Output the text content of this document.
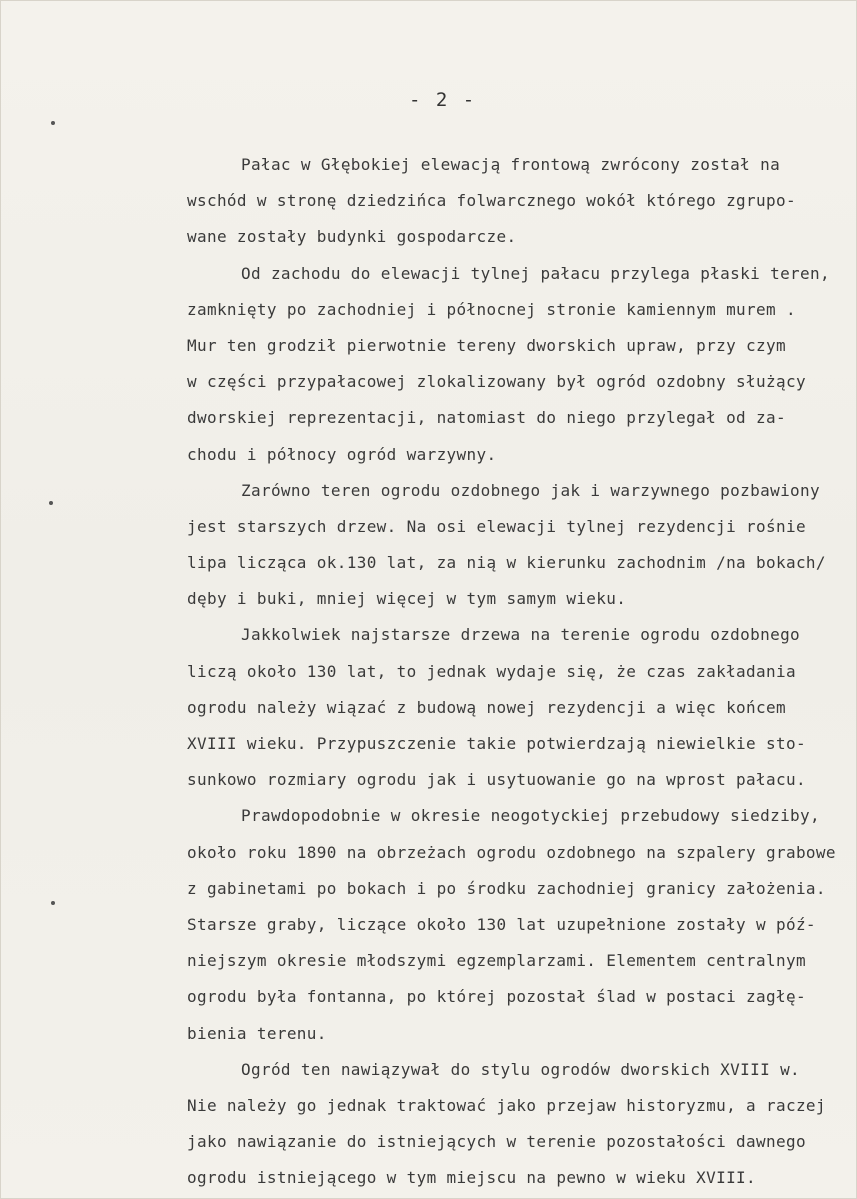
- 2 -
Pałac w Głębokiej elewacją frontową zwrócony został na
wschód w stronę dziedzińca folwarcznego wokół którego zgrupo-
wane zostały budynki gospodarcze.
Od zachodu do elewacji tylnej pałacu przylega płaski teren,
zamknięty po zachodniej i północnej stronie kamiennym murem .
Mur ten grodził pierwotnie tereny dworskich upraw, przy czym
w części przypałacowej zlokalizowany był ogród ozdobny służący
dworskiej reprezentacji, natomiast do niego przylegał od za-
chodu i północy ogród warzywny.
Zarówno teren ogrodu ozdobnego jak i warzywnego pozbawiony
jest starszych drzew. Na osi elewacji tylnej rezydencji rośnie
lipa licząca ok.130 lat, za nią w kierunku zachodnim /na bokach/
dęby i buki, mniej więcej w tym samym wieku.
Jakkolwiek najstarsze drzewa na terenie ogrodu ozdobnego
liczą około 130 lat, to jednak wydaje się, że czas zakładania
ogrodu należy wiązać z budową nowej rezydencji a więc końcem
XVIII wieku. Przypuszczenie takie potwierdzają niewielkie sto-
sunkowo rozmiary ogrodu jak i usytuowanie go na wprost pałacu.
Prawdopodobnie w okresie neogotyckiej przebudowy siedziby,
około roku 1890 na obrzeżach ogrodu ozdobnego na szpalery grabowe
z gabinetami po bokach i po środku zachodniej granicy założenia.
Starsze graby, liczące około 130 lat uzupełnione zostały w póź-
niejszym okresie młodszymi egzemplarzami. Elementem centralnym
ogrodu była fontanna, po której pozostał ślad w postaci zagłę-
bienia terenu.
Ogród ten nawiązywał do stylu ogrodów dworskich XVIII w.
Nie należy go jednak traktować jako przejaw historyzmu, a raczej
jako nawiązanie do istniejących w terenie pozostałości dawnego
ogrodu istniejącego w tym miejscu na pewno w wieku XVIII.
